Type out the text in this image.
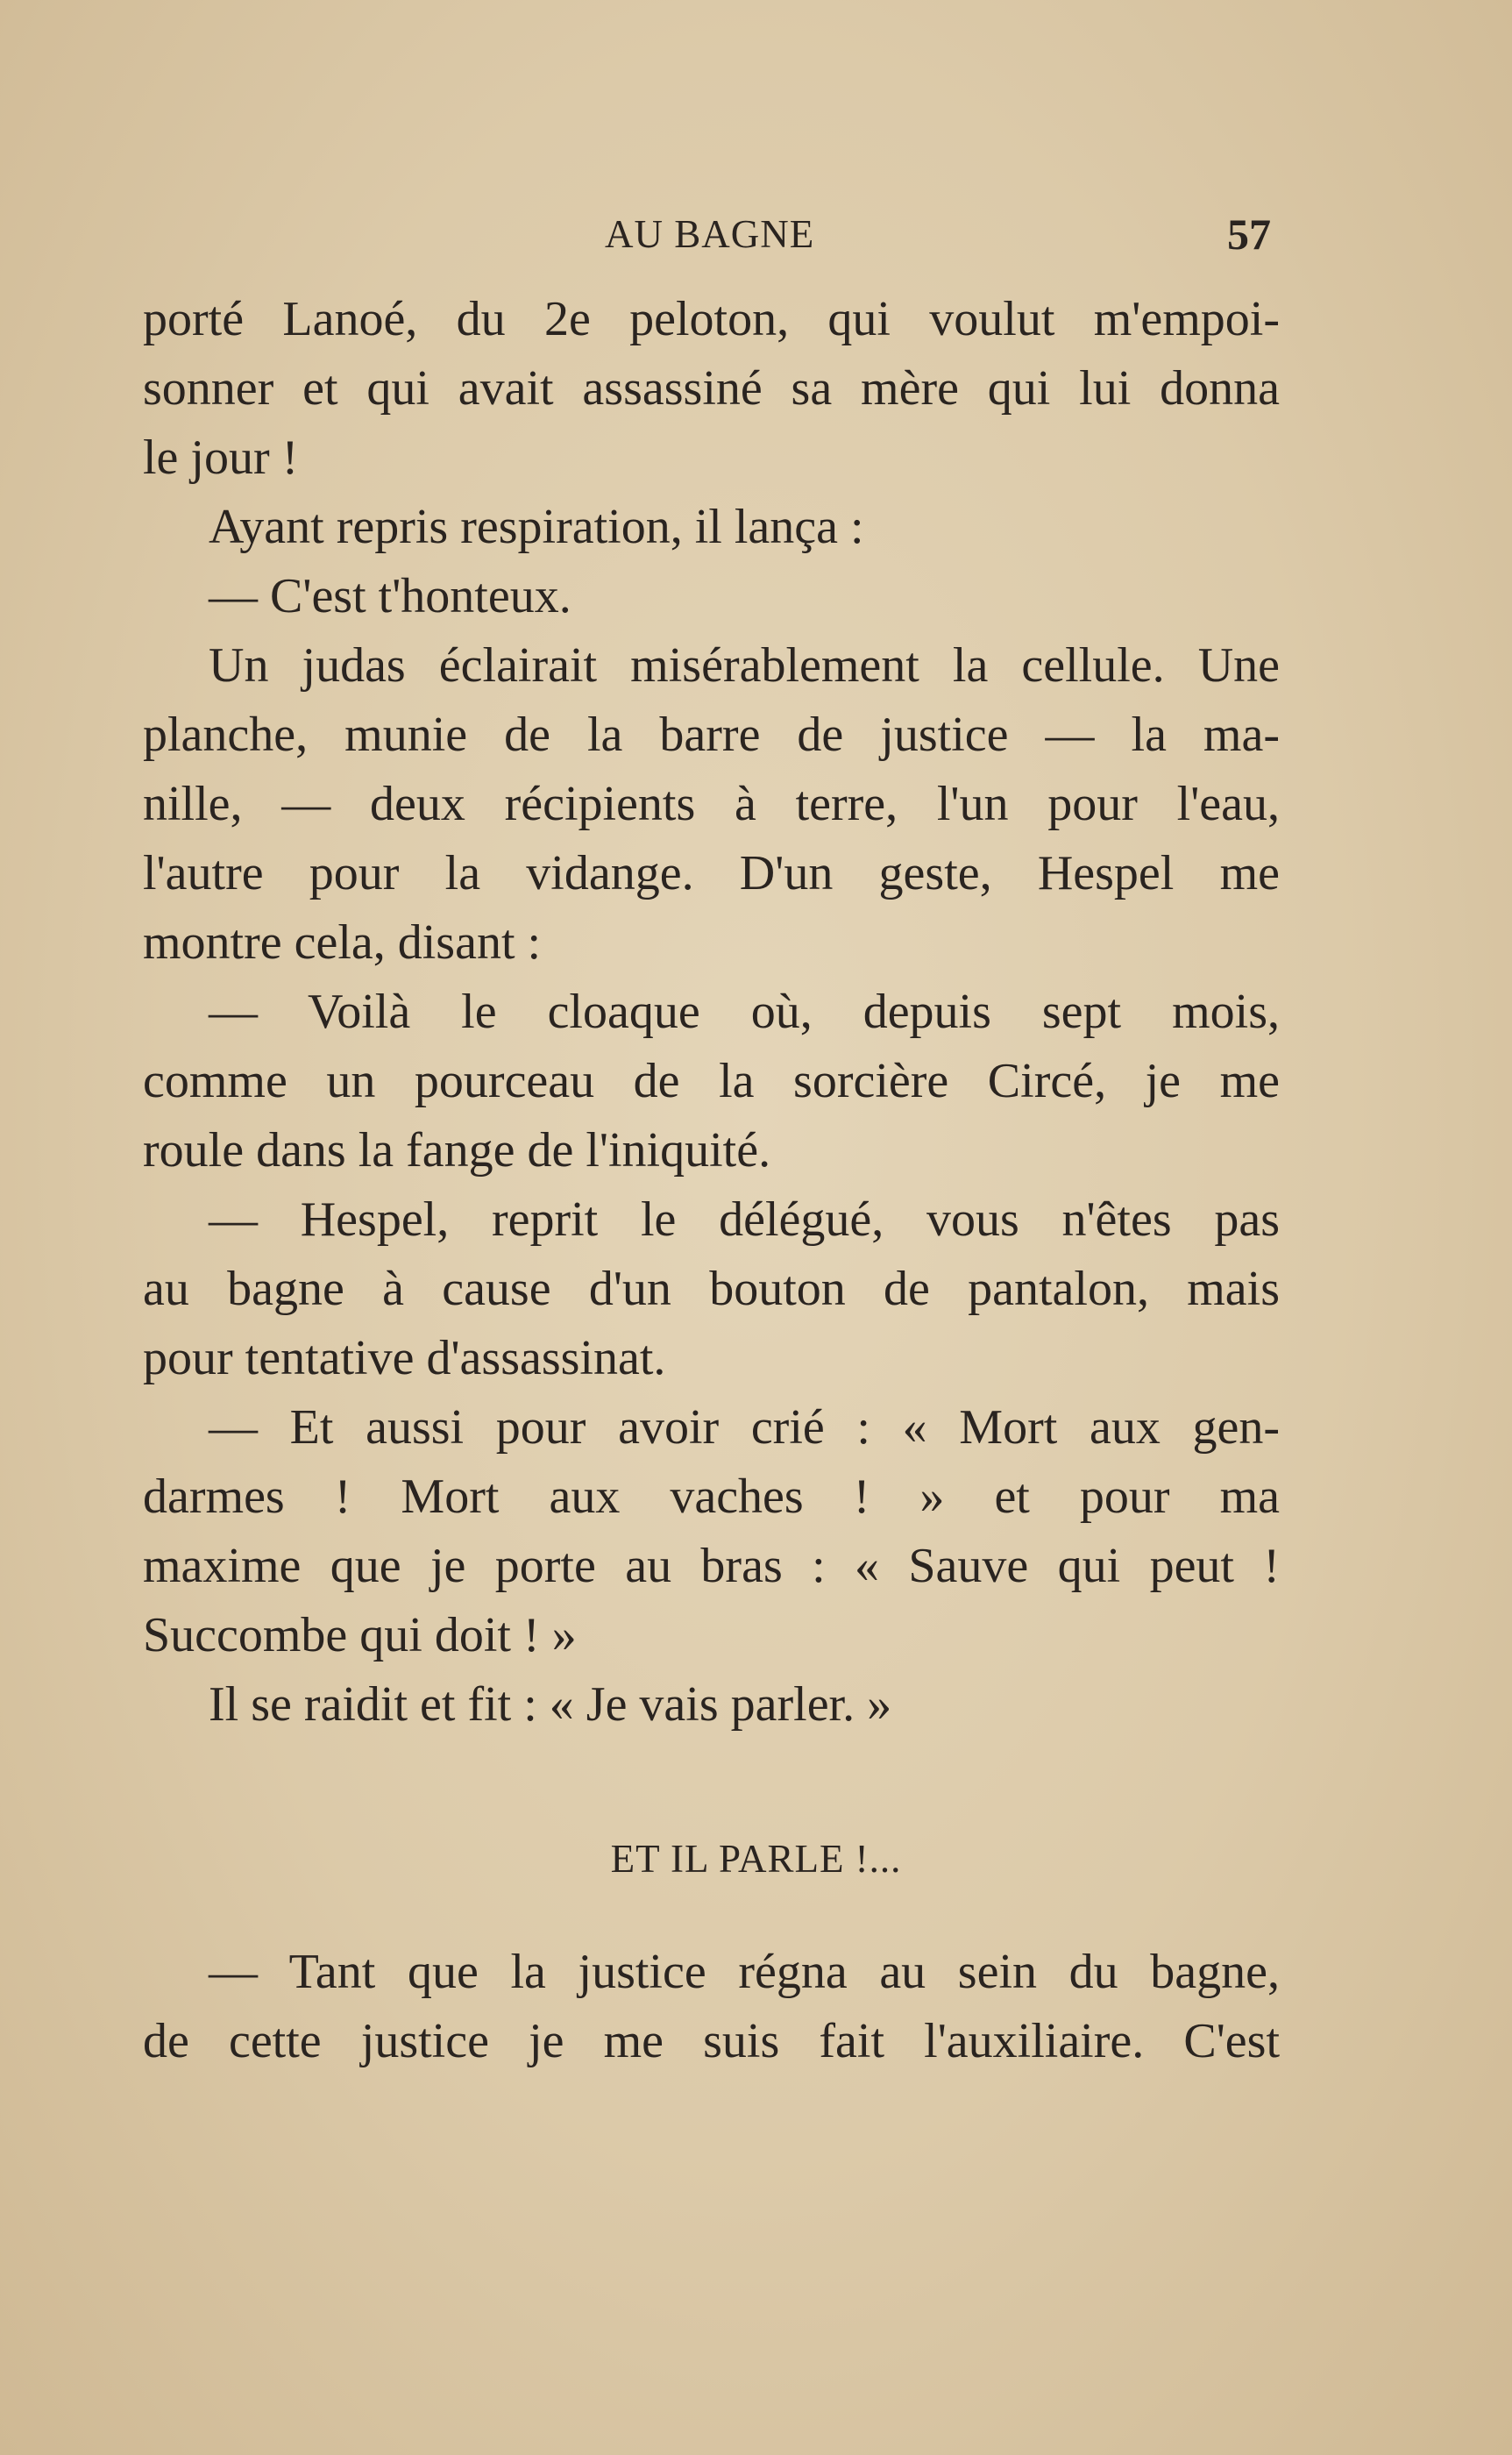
AU BAGNE	57
porté Lanoé, du 2e peloton, qui voulut m'empoi-
sonner et qui avait assassiné sa mère qui lui donna
le jour !
Ayant repris respiration, il lança :
— C'est t'honteux.
Un judas éclairait misérablement la cellule. Une
planche, munie de la barre de justice — la ma-
nille, — deux récipients à terre, l'un pour l'eau,
l'autre pour la vidange. D'un geste, Hespel me
montre cela, disant :
— Voilà le cloaque où, depuis sept mois,
comme un pourceau de la sorcière Circé, je me
roule dans la fange de l'iniquité.
— Hespel, reprit le délégué, vous n'êtes pas
au bagne à cause d'un bouton de pantalon, mais
pour tentative d'assassinat.
— Et aussi pour avoir crié : « Mort aux gen-
darmes ! Mort aux vaches ! » et pour ma
maxime que je porte au bras : « Sauve qui peut !
Succombe qui doit ! »
Il se raidit et fit : « Je vais parler. »
ET IL PARLE !...
— Tant que la justice régna au sein du bagne,
de cette justice je me suis fait l'auxiliaire. C'est
